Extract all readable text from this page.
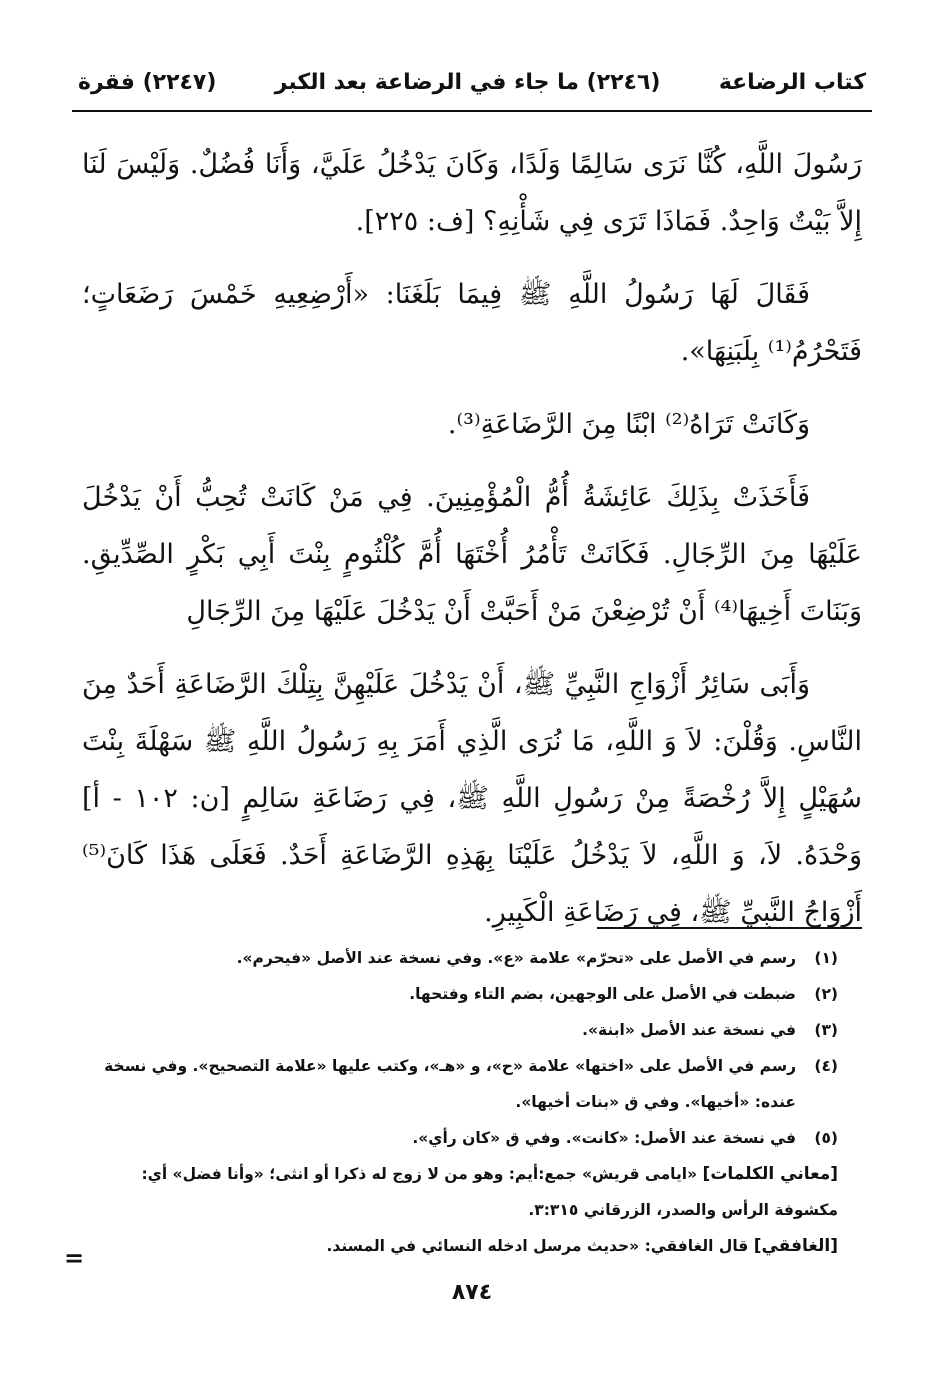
كتاب الرضاعة
(٢٢٤٦) ما جاء في الرضاعة بعد الكبر
(٢٢٤٧) فقرة

رَسُولَ اللَّهِ، كُنَّا نَرَى سَالِمًا وَلَدًا، وَكَانَ يَدْخُلُ عَلَيَّ، وَأَنَا فُضُلٌ. وَلَيْسَ لَنَا إِلاَّ بَيْتٌ وَاحِدٌ. فَمَاذَا تَرَى فِي شَأْنِهِ؟ [ف: ٢٢٥].

فَقَالَ لَهَا رَسُولُ اللَّهِ ﷺ فِيمَا بَلَغَنَا: «أَرْضِعِيهِ خَمْسَ رَضَعَاتٍ؛ فَتَحْرُمُ⁽¹⁾ بِلَبَنِهَا».

وَكَانَتْ تَرَاهُ⁽²⁾ ابْنًا مِنَ الرَّضَاعَةِ⁽³⁾.

فَأَخَذَتْ بِذَلِكَ عَائِشَةُ أُمُّ الْمُؤْمِنِينَ. فِي مَنْ كَانَتْ تُحِبُّ أَنْ يَدْخُلَ عَلَيْهَا مِنَ الرِّجَالِ. فَكَانَتْ تَأْمُرُ أُخْتَهَا أُمَّ كُلْثُومٍ بِنْتَ أَبِي بَكْرٍ الصِّدِّيقِ. وَبَنَاتَ أَخِيهَا⁽⁴⁾ أَنْ تُرْضِعْنَ مَنْ أَحَبَّتْ أَنْ يَدْخُلَ عَلَيْهَا مِنَ الرِّجَالِ

وَأَبَى سَائِرُ أَزْوَاجِ النَّبِيِّ ﷺ، أَنْ يَدْخُلَ عَلَيْهِنَّ بِتِلْكَ الرَّضَاعَةِ أَحَدٌ مِنَ النَّاسِ. وَقُلْنَ: لاَ وَ اللَّهِ، مَا نُرَى الَّذِي أَمَرَ بِهِ رَسُولُ اللَّهِ ﷺ سَهْلَةَ بِنْتَ سُهَيْلٍ إِلاَّ رُخْصَةً مِنْ رَسُولِ اللَّهِ ﷺ، فِي رَضَاعَةِ سَالِمٍ [ن: ١٠٢ - أ] وَحْدَهُ. لاَ، وَ اللَّهِ، لاَ يَدْخُلُ عَلَيْنَا بِهَذِهِ الرَّضَاعَةِ أَحَدٌ. فَعَلَى هَذَا كَانَ⁽⁵⁾ أَزْوَاجُ النَّبِيِّ ﷺ، فِي رَضَاعَةِ الْكَبِيرِ.

(١)
رسم في الأصل على «تحرّم» علامة «ع». وفي نسخة عند الأصل «فيحرم».
(٢)
ضبطت في الأصل على الوجهين، بضم التاء وفتحها.
(٣)
في نسخة عند الأصل «ابنة».
(٤)
رسم في الأصل على «اختها» علامة «ح»، و «هـ»، وكتب عليها «علامة التصحيح». وفي نسخة عنده: «أخيها». وفي ق «بنات أخيها».
(٥)
في نسخة عند الأصل: «كانت». وفي ق «كان رأي».
[معاني الكلمات] «ايامى قريش» جمع:أيم: وهو من لا زوج له ذكرا أو انثى؛ «وأنا فضل» أي: مكشوفة الرأس والصدر، الزرقاني ٣:٣١٥.
[الغافقي] قال الغافقي: «حديث مرسل ادخله النسائي في المسند.
=
٨٧٤
